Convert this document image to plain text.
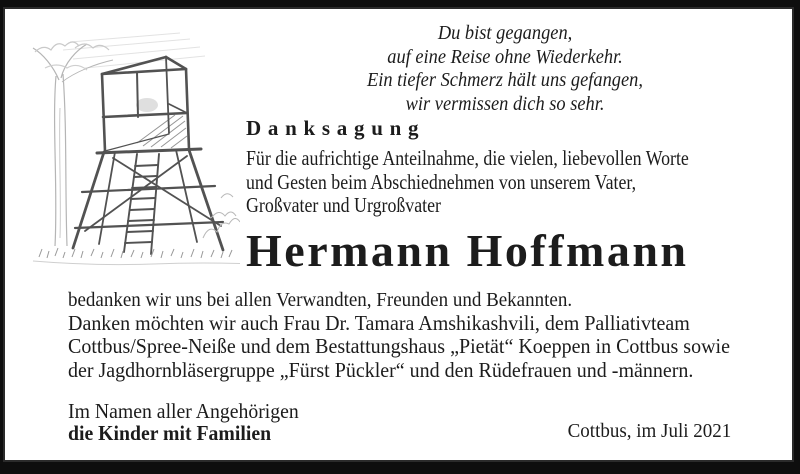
Du bist gegangen,
auf eine Reise ohne Wiederkehr.
Ein tiefer Schmerz hält uns gefangen,
wir vermissen dich so sehr.
Danksagung
Für die aufrichtige Anteilnahme, die vielen, liebevollen Worte
und Gesten beim Abschiednehmen von unserem Vater,
Großvater und Urgroßvater
Hermann Hoffmann
bedanken wir uns bei allen Verwandten, Freunden und Bekannten.
Danken möchten wir auch Frau Dr. Tamara Amshikashvili, dem Palliativteam
Cottbus/Spree-Neiße und dem Bestattungshaus „Pietät“ Koeppen in Cottbus sowie
der Jagdhornbläsergruppe „Fürst Pückler“ und den Rüdefrauen und -männern.
Im Namen aller Angehörigen
die Kinder mit Familien	Cottbus, im Juli 2021
